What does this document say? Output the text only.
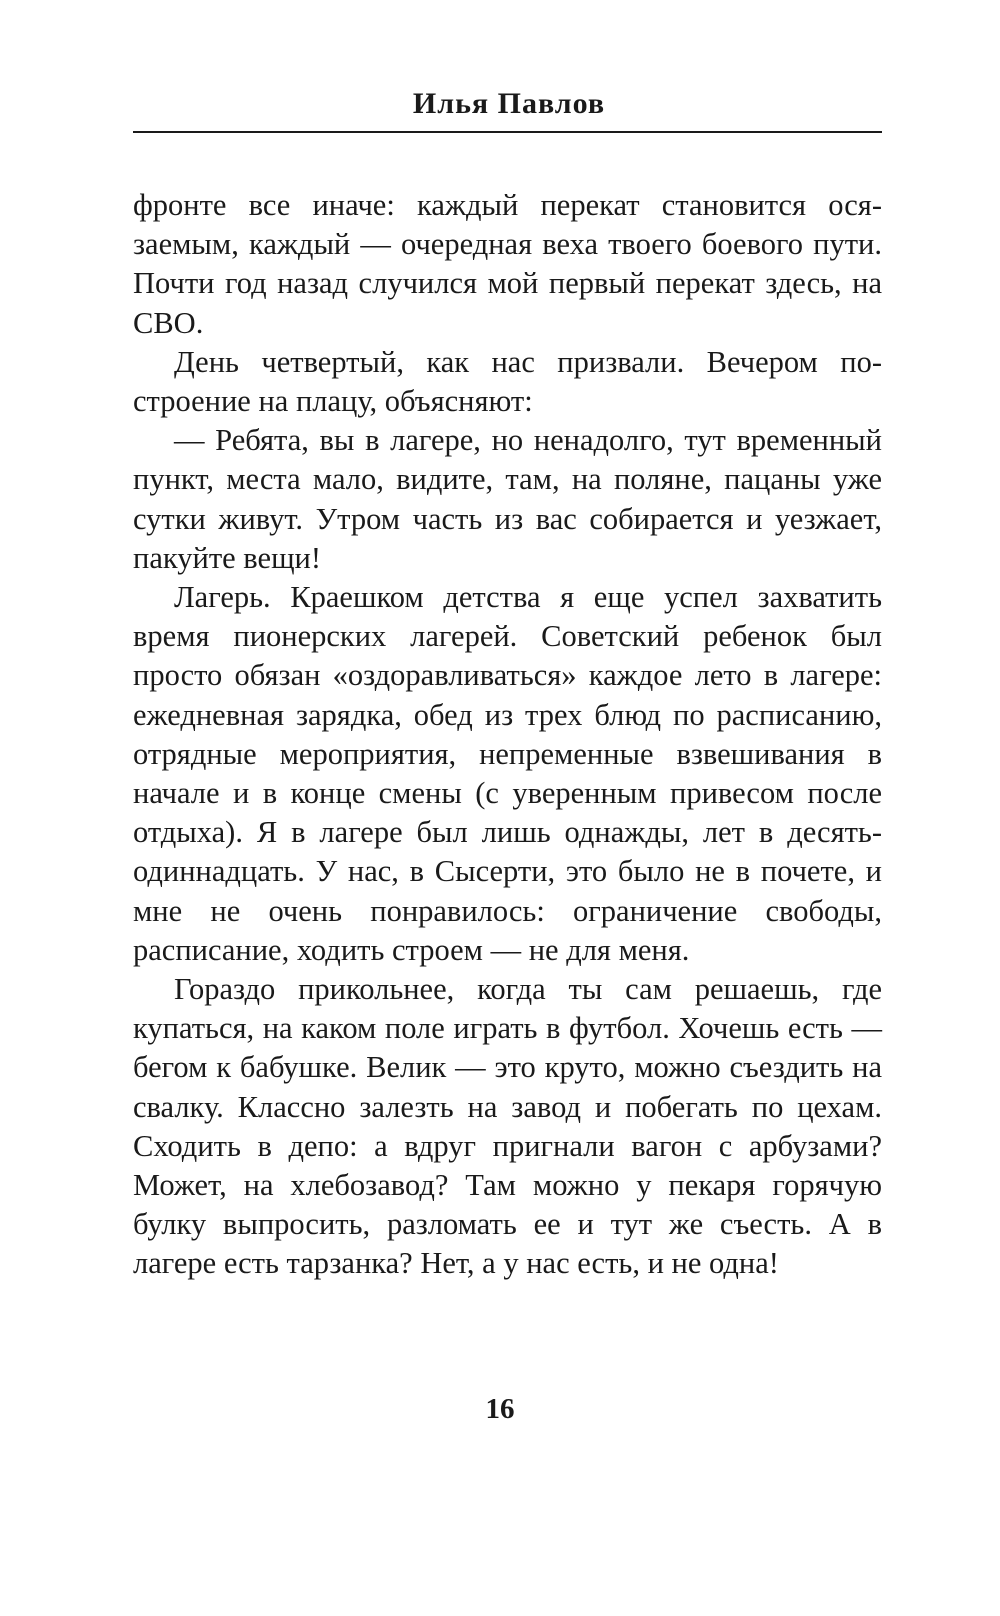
Илья Павлов

фронте все иначе: каждый перекат становится осязаемым, каждый — очередная веха твоего боевого пути. Почти год назад случился мой первый перекат здесь, на СВО.

День четвертый, как нас призвали. Вечером построение на плацу, объясняют:

— Ребята, вы в лагере, но ненадолго, тут временный пункт, места мало, видите, там, на поляне, пацаны уже сутки живут. Утром часть из вас собирается и уезжает, пакуйте вещи!

Лагерь. Краешком детства я еще успел захватить время пионерских лагерей. Советский ребенок был просто обязан «оздоравливаться» каждое лето в лагере: ежедневная зарядка, обед из трех блюд по расписанию, отрядные мероприятия, непременные взвешивания в начале и в конце смены (с уверенным привесом после отдыха). Я в лагере был лишь однажды, лет в десять-одиннадцать. У нас, в Сысерти, это было не в почете, и мне не очень понравилось: ограничение свободы, расписание, ходить строем — не для меня.

Гораздо прикольнее, когда ты сам решаешь, где купаться, на каком поле играть в футбол. Хочешь есть — бегом к бабушке. Велик — это круто, можно съездить на свалку. Классно залезть на завод и побегать по цехам. Сходить в депо: а вдруг пригнали вагон с арбузами? Может, на хлебозавод? Там можно у пекаря горячую булку выпросить, разломать ее и тут же съесть. А в лагере есть тарзанка? Нет, а у нас есть, и не одна!

16
